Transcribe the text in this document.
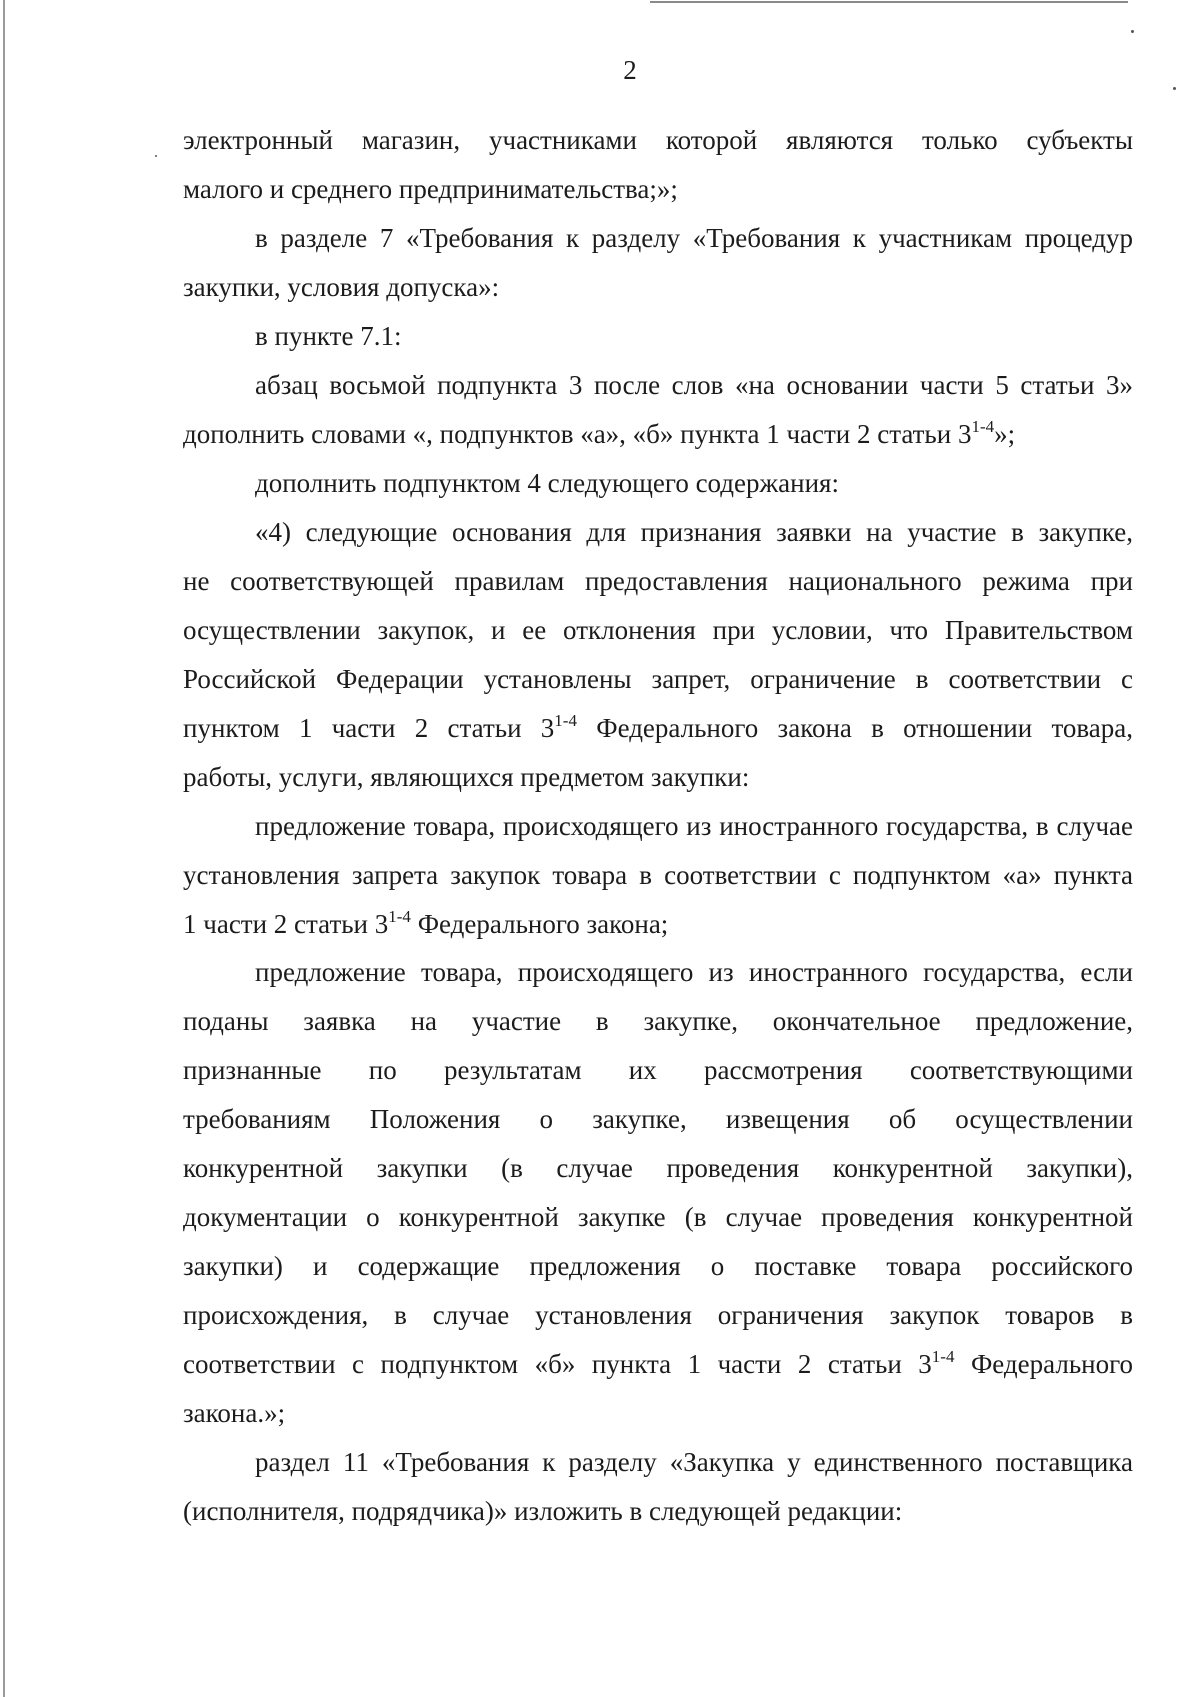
2

электронный магазин, участниками которой являются только субъекты
малого и среднего предпринимательства;»;

в разделе 7 «Требования к разделу «Требования к участникам процедур
закупки, условия допуска»:

в пункте 7.1:

абзац восьмой подпункта 3 после слов «на основании части 5 статьи 3»
дополнить словами «, подпунктов «а», «б» пункта 1 части 2 статьи 3$^{1-4}$»;

дополнить подпунктом 4 следующего содержания:

«4) следующие основания для признания заявки на участие в закупке,
не соответствующей правилам предоставления национального режима при
осуществлении закупок, и ее отклонения при условии, что Правительством
Российской Федерации установлены запрет, ограничение в соответствии с
пунктом 1 части 2 статьи 3$^{1-4}$ Федерального закона в отношении товара,
работы, услуги, являющихся предметом закупки:

предложение товара, происходящего из иностранного государства, в случае
установления запрета закупок товара в соответствии с подпунктом «а» пункта
1 части 2 статьи 3$^{1-4}$ Федерального закона;

предложение товара, происходящего из иностранного государства, если
поданы заявка на участие в закупке, окончательное предложение,
признанные по результатам их рассмотрения соответствующими
требованиям Положения о закупке, извещения об осуществлении
конкурентной закупки (в случае проведения конкурентной закупки),
документации о конкурентной закупке (в случае проведения конкурентной
закупки) и содержащие предложения о поставке товара российского
происхождения, в случае установления ограничения закупок товаров в
соответствии с подпунктом «б» пункта 1 части 2 статьи 3$^{1-4}$ Федерального
закона.»;

раздел 11 «Требования к разделу «Закупка у единственного поставщика
(исполнителя, подрядчика)» изложить в следующей редакции:
